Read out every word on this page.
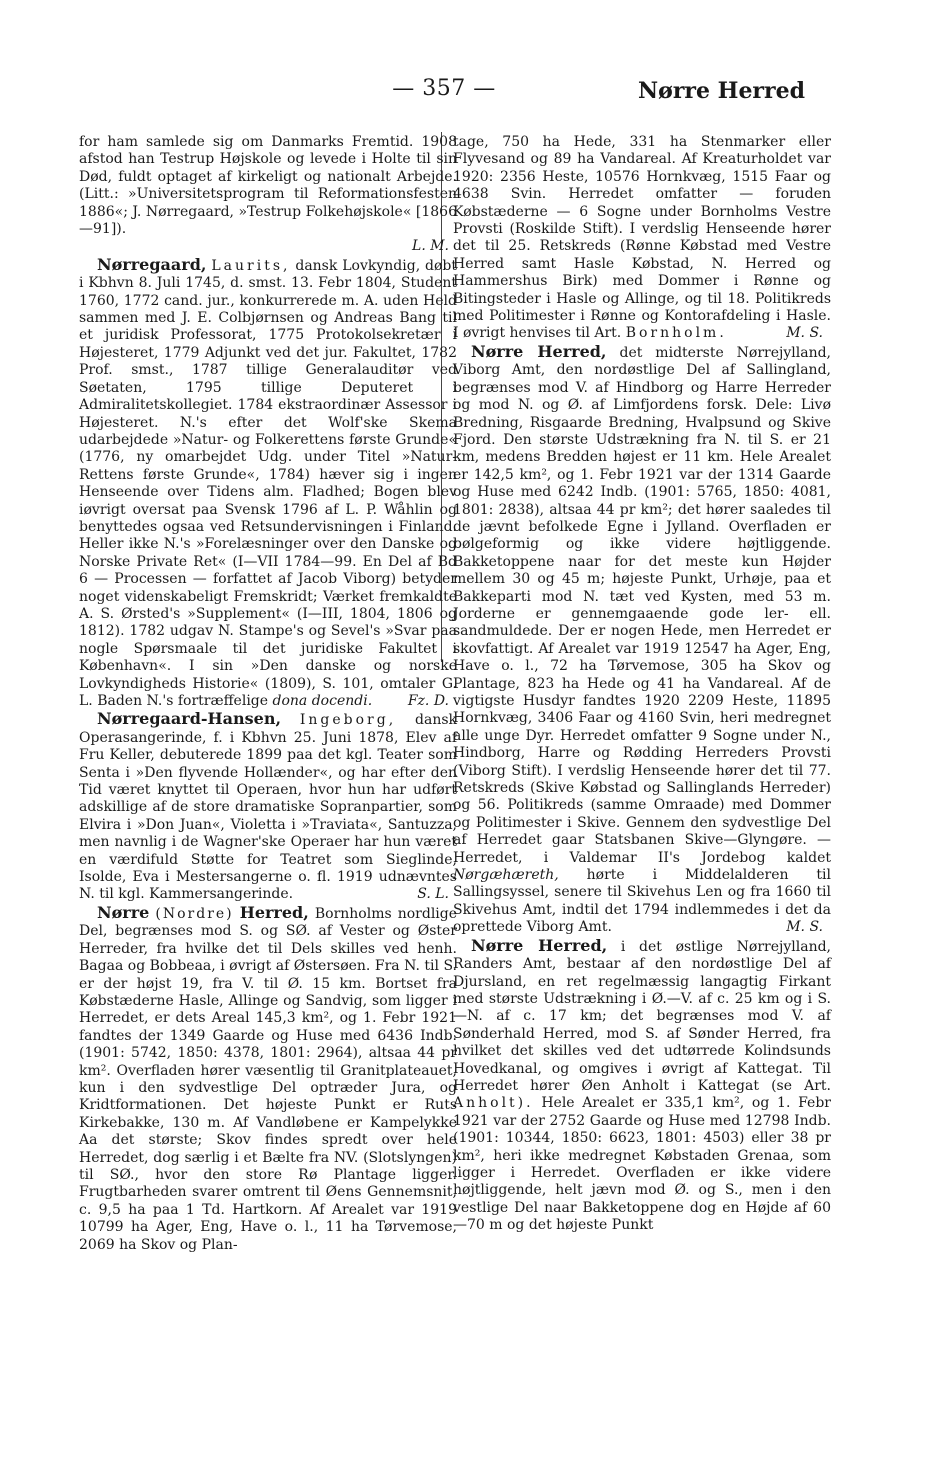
— 357 —	Nørre Herred

for ham samlede sig om Danmarks Fremtid. 1908 afstod han Testrup Højskole og levede i Holte til sin Død, fuldt optaget af kirkeligt og nationalt Arbejde. (Litt.: »Universitetsprogram til Reformationsfesten 1886«; J. Nørregaard, »Testrup Folkehøjskole« [1866—91]).
L. M.

Nørregaard, Laurits, dansk Lovkyndig, døbt i Kbhvn 8. Juli 1745, d. smst. 13. Febr 1804, Student 1760, 1772 cand. jur., konkurrerede m. A. uden Held sammen med J. E. Colbjørnsen og Andreas Bang til et juridisk Professorat, 1775 Protokolsekretær i Højesteret, 1779 Adjunkt ved det jur. Fakultet, 1782 Prof. smst., 1787 tillige Generalauditør ved Søetaten, 1795 tillige Deputeret i Admiralitetskollegiet. 1784 ekstraordinær Assessor i Højesteret. N.'s efter det Wolf'ske Skema udarbejdede »Natur- og Folkerettens første Grunde« (1776, ny omarbejdet Udg. under Titel »Natur-Rettens første Grunde«, 1784) hæver sig i ingen Henseende over Tidens alm. Fladhed; Bogen blev iøvrigt oversat paa Svensk 1796 af L. P. Wåhlin og benyttedes ogsaa ved Retsundervisningen i Finland. Heller ikke N.'s »Forelæsninger over den Danske og Norske Private Ret« (I—VII 1784—99. En Del af Bd 6 — Processen — forfattet af Jacob Viborg) betyder noget videnskabeligt Fremskridt; Værket fremkaldte A. S. Ørsted's »Supplement« (I—III, 1804, 1806 og 1812). 1782 udgav N. Stampe's og Sevel's »Svar paa nogle Spørsmaale til det juridiske Fakultet i København«. I sin »Den danske og norske Lovkyndigheds Historie« (1809), S. 101, omtaler G. L. Baden N.'s fortræffelige dona docendi.	Fz. D.

Nørregaard-Hansen, Ingeborg, dansk Operasangerinde, f. i Kbhvn 25. Juni 1878, Elev af Fru Keller, debuterede 1899 paa det kgl. Teater som Senta i »Den flyvende Hollænder«, og har efter den Tid været knyttet til Operaen, hvor hun har udført adskillige af de store dramatiske Sopranpartier, som Elvira i »Don Juan«, Violetta i »Traviata«, Santuzza, men navnlig i de Wagner'ske Operaer har hun været en værdifuld Støtte for Teatret som Sieglinde, Isolde, Eva i Mestersangerne o. fl. 1919 udnævntes N. til kgl. Kammersangerinde.	S. L.

Nørre (Nordre) Herred, Bornholms nordlige Del, begrænses mod S. og SØ. af Vester og Øster Herreder, fra hvilke det til Dels skilles ved henh. Bagaa og Bobbeaa, i øvrigt af Østersøen. Fra N. til S. er der højst 19, fra V. til Ø. 15 km. Bortset fra Købstæderne Hasle, Allinge og Sandvig, som ligger i Herredet, er dets Areal 145,3 km², og 1. Febr 1921 fandtes der 1349 Gaarde og Huse med 6436 Indb. (1901: 5742, 1850: 4378, 1801: 2964), altsaa 44 pr km². Overfladen hører væsentlig til Granitplateauet, kun i den sydvestlige Del optræder Jura, og Kridtformationen. Det højeste Punkt er Ruts Kirkebakke, 130 m. Af Vandløbene er Kampelykke Aa det største; Skov findes spredt over hele Herredet, dog særlig i et Bælte fra NV. (Slotslyngen) til SØ., hvor den store Rø Plantage ligger. Frugtbarheden svarer omtrent til Øens Gennemsnit, c. 9,5 ha paa 1 Td. Hartkorn. Af Arealet var 1919 10799 ha Ager, Eng, Have o. l., 11 ha Tørvemose, 2069 ha Skov og Plan-

tage, 750 ha Hede, 331 ha Stenmarker eller Flyvesand og 89 ha Vandareal. Af Kreaturholdet var 1920: 2356 Heste, 10576 Hornkvæg, 1515 Faar og 4638 Svin. Herredet omfatter — foruden Købstæderne — 6 Sogne under Bornholms Vestre Provsti (Roskilde Stift). I verdslig Henseende hører det til 25. Retskreds (Rønne Købstad med Vestre Herred samt Hasle Købstad, N. Herred og Hammershus Birk) med Dommer i Rønne og Bitingsteder i Hasle og Allinge, og til 18. Politikreds med Politimester i Rønne og Kontorafdeling i Hasle. I øvrigt henvises til Art. Bornholm.	M. S.

Nørre Herred, det midterste Nørrejylland, Viborg Amt, den nordøstlige Del af Sallingland, begrænses mod V. af Hindborg og Harre Herreder og mod N. og Ø. af Limfjordens forsk. Dele: Livø Bredning, Risgaarde Bredning, Hvalpsund og Skive Fjord. Den største Udstrækning fra N. til S. er 21 km, medens Bredden højest er 11 km. Hele Arealet er 142,5 km², og 1. Febr 1921 var der 1314 Gaarde og Huse med 6242 Indb. (1901: 5765, 1850: 4081, 1801: 2838), altsaa 44 pr km²; det hører saaledes til de jævnt befolkede Egne i Jylland. Overfladen er bølgeformig og ikke videre højtliggende. Bakketoppene naar for det meste kun Højder mellem 30 og 45 m; højeste Punkt, Urhøje, paa et Bakkeparti mod N. tæt ved Kysten, med 53 m. Jorderne er gennemgaaende gode ler- ell. sandmuldede. Der er nogen Hede, men Herredet er skovfattigt. Af Arealet var 1919 12547 ha Ager, Eng, Have o. l., 72 ha Tørvemose, 305 ha Skov og Plantage, 823 ha Hede og 41 ha Vandareal. Af de vigtigste Husdyr fandtes 1920 2209 Heste, 11895 Hornkvæg, 3406 Faar og 4160 Svin, heri medregnet alle unge Dyr. Herredet omfatter 9 Sogne under N., Hindborg, Harre og Rødding Herreders Provsti (Viborg Stift). I verdslig Henseende hører det til 77. Retskreds (Skive Købstad og Sallinglands Herreder) og 56. Politikreds (samme Omraade) med Dommer og Politimester i Skive. Gennem den sydvestlige Del af Herredet gaar Statsbanen Skive—Glyngøre. — Herredet, i Valdemar II's Jordebog kaldet Nørgæhæreth, hørte i Middelalderen til Sallingsyssel, senere til Skivehus Len og fra 1660 til Skivehus Amt, indtil det 1794 indlemmedes i det da oprettede Viborg Amt.	M. S.

Nørre Herred, i det østlige Nørrejylland, Randers Amt, bestaar af den nordøstlige Del af Djursland, en ret regelmæssig langagtig Firkant med største Udstrækning i Ø.—V. af c. 25 km og i S.—N. af c. 17 km; det begrænses mod V. af Sønderhald Herred, mod S. af Sønder Herred, fra hvilket det skilles ved det udtørrede Kolindsunds Hovedkanal, og omgives i øvrigt af Kattegat. Til Herredet hører Øen Anholt i Kattegat (se Art. Anholt). Hele Arealet er 335,1 km², og 1. Febr 1921 var der 2752 Gaarde og Huse med 12798 Indb. (1901: 10344, 1850: 6623, 1801: 4503) eller 38 pr km², heri ikke medregnet Købstaden Grenaa, som ligger i Herredet. Overfladen er ikke videre højtliggende, helt jævn mod Ø. og S., men i den vestlige Del naar Bakketoppene dog en Højde af 60—70 m og det højeste Punkt
